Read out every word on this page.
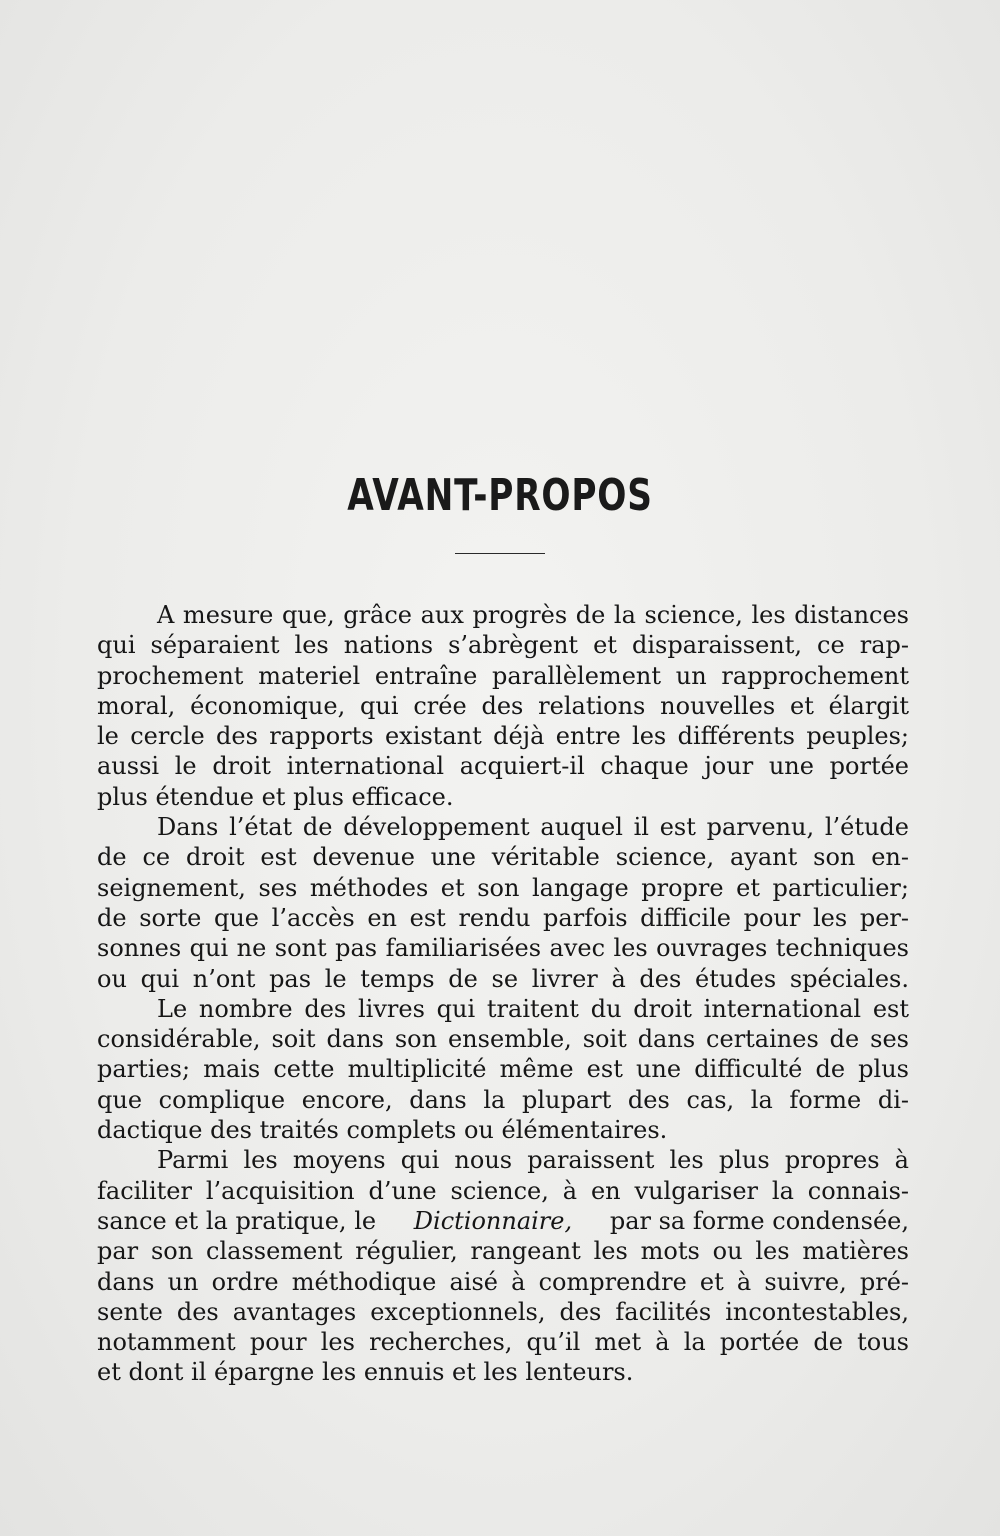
AVANT-PROPOS
A mesure que, grâce aux progrès de la science, les distances
qui séparaient les nations s’abrègent et disparaissent, ce rap-
prochement materiel entraîne parallèlement un rapprochement
moral, économique, qui crée des relations nouvelles et élargit
le cercle des rapports existant déjà entre les différents peuples;
aussi le droit international acquiert-il chaque jour une portée
plus étendue et plus efficace.
Dans l’état de développement auquel il est parvenu, l’étude
de ce droit est devenue une véritable science, ayant son en-
seignement, ses méthodes et son langage propre et particulier;
de sorte que l’accès en est rendu parfois difficile pour les per-
sonnes qui ne sont pas familiarisées avec les ouvrages techniques
ou qui n’ont pas le temps de se livrer à des études spéciales.
Le nombre des livres qui traitent du droit international est
considérable, soit dans son ensemble, soit dans certaines de ses
parties; mais cette multiplicité même est une difficulté de plus
que complique encore, dans la plupart des cas, la forme di-
dactique des traités complets ou élémentaires.
Parmi les moyens qui nous paraissent les plus propres à
faciliter l’acquisition d’une science, à en vulgariser la connais-
sance et la pratique, le Dictionnaire, par sa forme condensée,
par son classement régulier, rangeant les mots ou les matières
dans un ordre méthodique aisé à comprendre et à suivre, pré-
sente des avantages exceptionnels, des facilités incontestables,
notamment pour les recherches, qu’il met à la portée de tous
et dont il épargne les ennuis et les lenteurs.
